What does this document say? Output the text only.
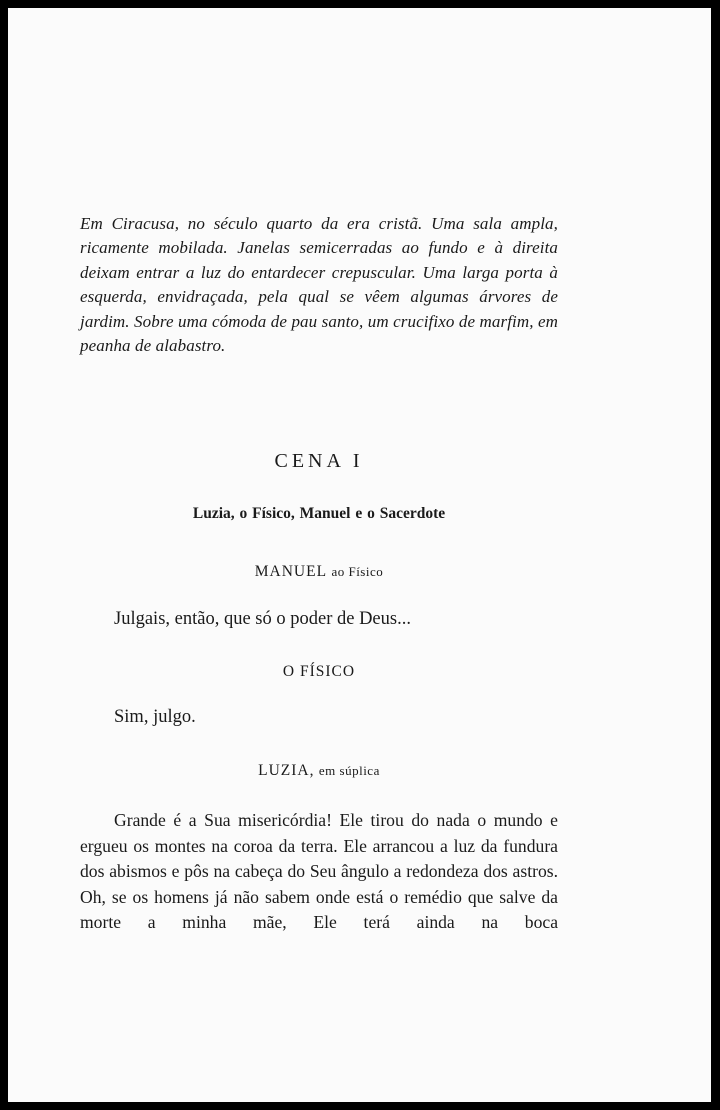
Em Ciracusa, no século quarto da era cristã. Uma sala ampla, ricamente mobilada. Janelas semicerradas ao fundo e à direita deixam entrar a luz do entardecer crepuscular. Uma larga porta à esquerda, envidraçada, pela qual se vêem algumas árvores de jardim. Sobre uma cómoda de pau santo, um crucifixo de marfim, em peanha de alabastro.

CENA I
Luzia, o Físico, Manuel e o Sacerdote
MANUEL ao Físico

Julgais, então, que só o poder de Deus...

O FÍSICO

Sim, julgo.

LUZIA, em súplica

Grande é a Sua misericórdia! Ele tirou do nada o mundo e ergueu os montes na coroa da terra. Ele arrancou a luz da fundura dos abismos e pôs na cabeça do Seu ângulo a redondeza dos astros. Oh, se os homens já não sabem onde está o remédio que salve da morte a minha mãe, Ele terá ainda na boca
